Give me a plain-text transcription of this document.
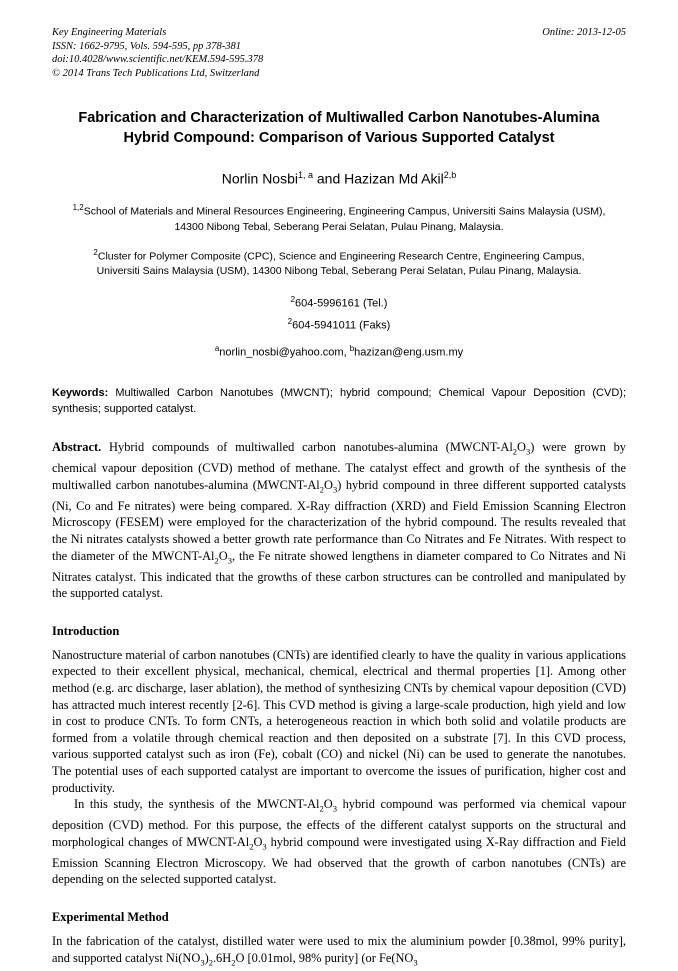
Key Engineering Materials
ISSN: 1662-9795, Vols. 594-595, pp 378-381
doi:10.4028/www.scientific.net/KEM.594-595.378
© 2014 Trans Tech Publications Ltd, Switzerland
Online: 2013-12-05
Fabrication and Characterization of Multiwalled Carbon Nanotubes-Alumina Hybrid Compound: Comparison of Various Supported Catalyst
Norlin Nosbi$^{1, a}$ and Hazizan Md Akil$^{2,b}$
$^{1,2}$School of Materials and Mineral Resources Engineering, Engineering Campus, Universiti Sains Malaysia (USM), 14300 Nibong Tebal, Seberang Perai Selatan, Pulau Pinang, Malaysia.
$^2$Cluster for Polymer Composite (CPC), Science and Engineering Research Centre, Engineering Campus, Universiti Sains Malaysia (USM), 14300 Nibong Tebal, Seberang Perai Selatan, Pulau Pinang, Malaysia.
$^2$604-5996161 (Tel.)
$^2$604-5941011 (Faks)
$^a$norlin_nosbi@yahoo.com, $^b$hazizan@eng.usm.my
Keywords: Multiwalled Carbon Nanotubes (MWCNT); hybrid compound; Chemical Vapour Deposition (CVD); synthesis; supported catalyst.
Abstract. Hybrid compounds of multiwalled carbon nanotubes-alumina $(MWCNT-Al_2O_3)$ were grown by chemical vapour deposition (CVD) method of methane. The catalyst effect and growth of the synthesis of the multiwalled carbon nanotubes-alumina $(MWCNT-Al_2O_3)$ hybrid compound in three different supported catalysts (Ni, Co and Fe nitrates) were being compared. X-Ray diffraction (XRD) and Field Emission Scanning Electron Microscopy (FESEM) were employed for the characterization of the hybrid compound. The results revealed that the Ni nitrates catalysts showed a better growth rate performance than Co Nitrates and Fe Nitrates. With respect to the diameter of the MWCNT-$Al_2O_3$, the Fe nitrate showed lengthens in diameter compared to Co Nitrates and Ni Nitrates catalyst. This indicated that the growths of these carbon structures can be controlled and manipulated by the supported catalyst.
Introduction

Nanostructure material of carbon nanotubes (CNTs) are identified clearly to have the quality in various applications expected to their excellent physical, mechanical, chemical, electrical and thermal properties [1]. Among other method (e.g. arc discharge, laser ablation), the method of synthesizing CNTs by chemical vapour deposition (CVD) has attracted much interest recently [2-6]. This CVD method is giving a large-scale production, high yield and low in cost to produce CNTs. To form CNTs, a heterogeneous reaction in which both solid and volatile products are formed from a volatile through chemical reaction and then deposited on a substrate [7]. In this CVD process, various supported catalyst such as iron (Fe), cobalt (CO) and nickel (Ni) can be used to generate the nanotubes. The potential uses of each supported catalyst are important to overcome the issues of purification, higher cost and productivity.

In this study, the synthesis of the MWCNT-$Al_2O_3$ hybrid compound was performed via chemical vapour deposition (CVD) method. For this purpose, the effects of the different catalyst supports on the structural and morphological changes of MWCNT-$Al_2O_3$ hybrid compound were investigated using X-Ray diffraction and Field Emission Scanning Electron Microscopy. We had observed that the growth of carbon nanotubes (CNTs) are depending on the selected supported catalyst.

Experimental Method

In the fabrication of the catalyst, distilled water were used to mix the aluminium powder [0.38mol, 99% purity], and supported catalyst $Ni(NO_3)_2.6H_2O$ [0.01mol, 98% purity] (or $Fe(NO_3$
